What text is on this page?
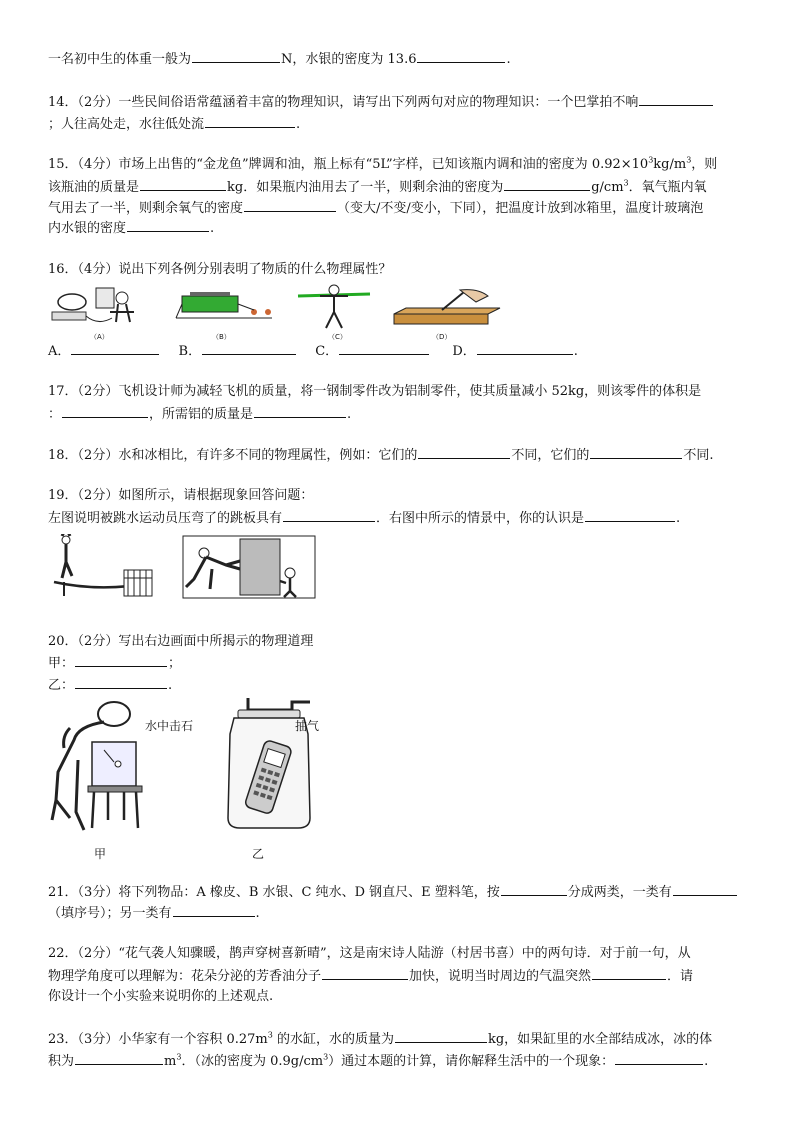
一名初中生的体重一般为	N，水银的密度为 13.6	.
14．（2分）一些民间俗语常蕴涵着丰富的物理知识，请写出下列两句对应的物理知识：一个巴掌拍不响
；人往高处走，水往低处流	.
15．（4分）市场上出售的“金龙鱼”牌调和油，瓶上标有“5L”字样，已知该瓶内调和油的密度为 $0.92\times 10^3kg/m^3$，则
该瓶油的质量是	kg．如果瓶内油用去了一半，则剩余油的密度为	$g/cm^3$．氧气瓶内氧
气用去了一半，则剩余氧气的密度	（变大/不变/变小，下同），把温度计放到冰箱里，温度计玻璃泡
内水银的密度	.
16．（4分）说出下列各例分别表明了物质的什么物理属性？
（A）	（B）	（C）	（D）
A．	B．	C．	D．	.
17．（2分）飞机设计师为减轻飞机的质量，将一钢制零件改为铝制零件，使其质量减小 52kg，则该零件的体积是
：	，所需铝的质量是	.
18．（2分）水和冰相比，有许多不同的物理属性，例如：它们的	不同，它们的	不同.
19．（2分）如图所示，请根据现象回答问题：
左图说明被跳水运动员压弯了的跳板具有	．右图中所示的情景中，你的认识是	.
20．（2分）写出右边画面中所揭示的物理道理
甲：	；
乙：	.
水中击石	抽气
甲	乙
21．（3分）将下列物品：A 橡皮、B 水银、C 纯水、D 钢直尺、E 塑料笔，按	分成两类，一类有
（填序号）；另一类有	.
22．（2分）“花气袭人知骤暖，鹊声穿树喜新晴”，这是南宋诗人陆游（村居书喜）中的两句诗．对于前一句，从
物理学角度可以理解为：花朵分泌的芳香油分子	加快，说明当时周边的气温突然	．请
你设计一个小实验来说明你的上述观点.
23．（3分）小华家有一个容积 $0.27m^3$ 的水缸，水的质量为	kg，如果缸里的水全部结成冰，冰的体
积为	$m^3$．（冰的密度为 $0.9g/cm^3$）通过本题的计算，请你解释生活中的一个现象：	.
